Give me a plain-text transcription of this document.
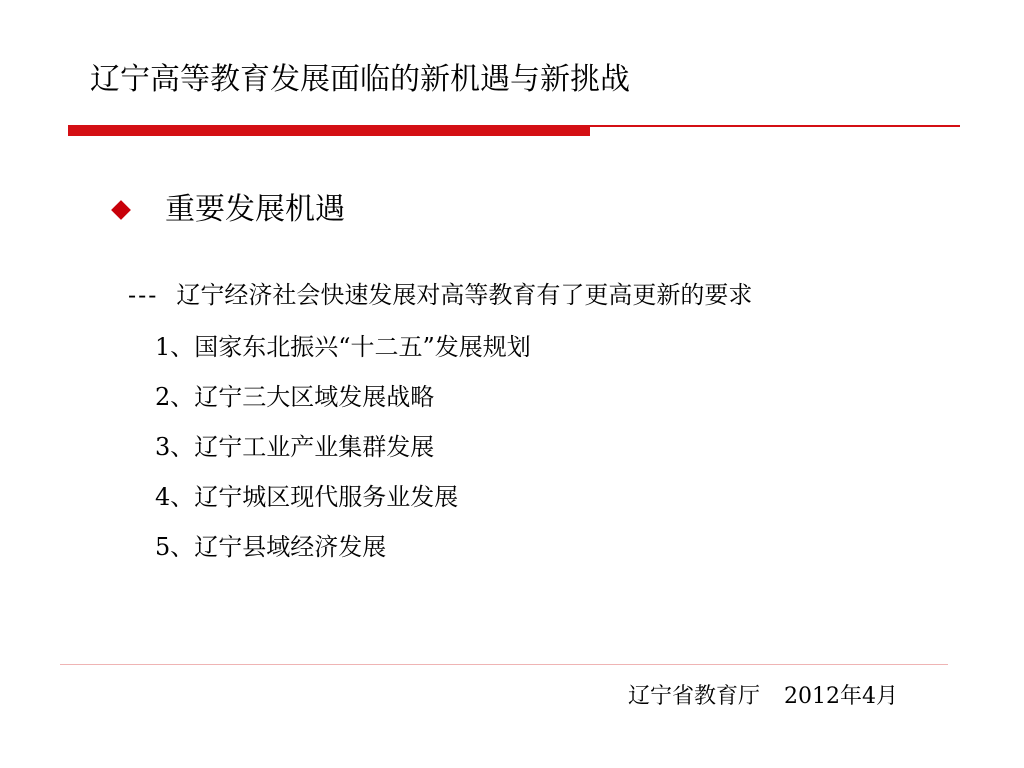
辽宁高等教育发展面临的新机遇与新挑战
重要发展机遇
--- 辽宁经济社会快速发展对高等教育有了更高更新的要求
1、国家东北振兴“十二五”发展规划
2、辽宁三大区域发展战略
3、辽宁工业产业集群发展
4、辽宁城区现代服务业发展
5、辽宁县域经济发展
辽宁省教育厅 2012年4月
